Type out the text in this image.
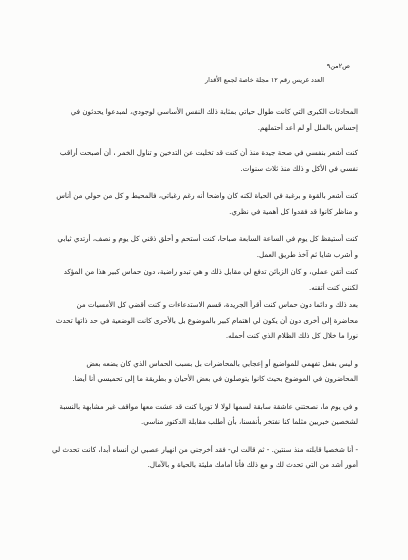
ص٢من٩
العدد غريس رقم ١٢ مجلة خاصة لجمع الأقدار

المحادثات الكبرى التي كانت طوال حياتي بمثابة ذلك النفس الأساسي لوجودي، لمبدعوا يحدثون في إحساس بالملل أو لم أعد أحتملهم.

كنت أشعر بنفسي في صحة جيدة منذ أن كنت قد تخليت عن التدخين و تناول الخمر ، أن أصبحت أراقب نفسي في الأكل و ذلك منذ ثلاث سنوات.

كنت أشعر بالقوة و برغبة في الحياة لكنه كان واضحا أنه رغم رغباتي، فالمحيط و كل من حولي من أناس و مناظر كانوا قد فقدوا كل أهمية في نظري.

كنت أستيقظ كل يوم في الساعة السابعة صباحا، كنت أستحم و أحلق ذقني كل يوم و نصف، أرتدي ثيابي و أشرب شايا ثم آخذ طريق العمل.

كنت أتقن عملي، و كان الزبائن تدفع لي مقابل ذلك و هي تبدو راضية، دون حماس كبير هذا من المؤكد لكنني كنت أتقنه.

بعد ذلك و دائما دون حماس كنت أقرأ الجريدة، قسم الاستدعاءات و كنت أقضي كل الأمسيات من محاضرة إلى أخرى دون أن يكون لي اهتمام كبير بالموضوع بل بالأحرى كانت الوضعية في حد ذاتها تحدث نورا ما خلال كل ذلك الظلام الذي كنت أحمله.

و ليس بفعل تفهمي للمواضيع أو إعجابي بالمحاضرات بل بسبب الحماس الذي كان يضعه بعض المحاضرون في الموضوع بحيث كانوا يتوصلون في بعض الأحيان و بطريقة ما إلى تحميسي أنا أيضا.

و في يوم ما، نصحتني عاشقة سابقة لسمها لولا لا توريا كنت قد عشت معها مواقف غير مشابهة بالنسبة لشخصين خبريين مثلما كنا نفتخر بأنفسنا، بأن أطلب مقابلة الدكتور مناسي.

- أنا شخصيا قابلته منذ سنتين. - ثم قالت لي- فقد أخرجني من انهيار عصبي لن أنساه أبدا، كانت تحدث لي أمور أشد من التي تحدث لك و مع ذلك فأنا أمامك مليئة بالحياة و بالآمال.
